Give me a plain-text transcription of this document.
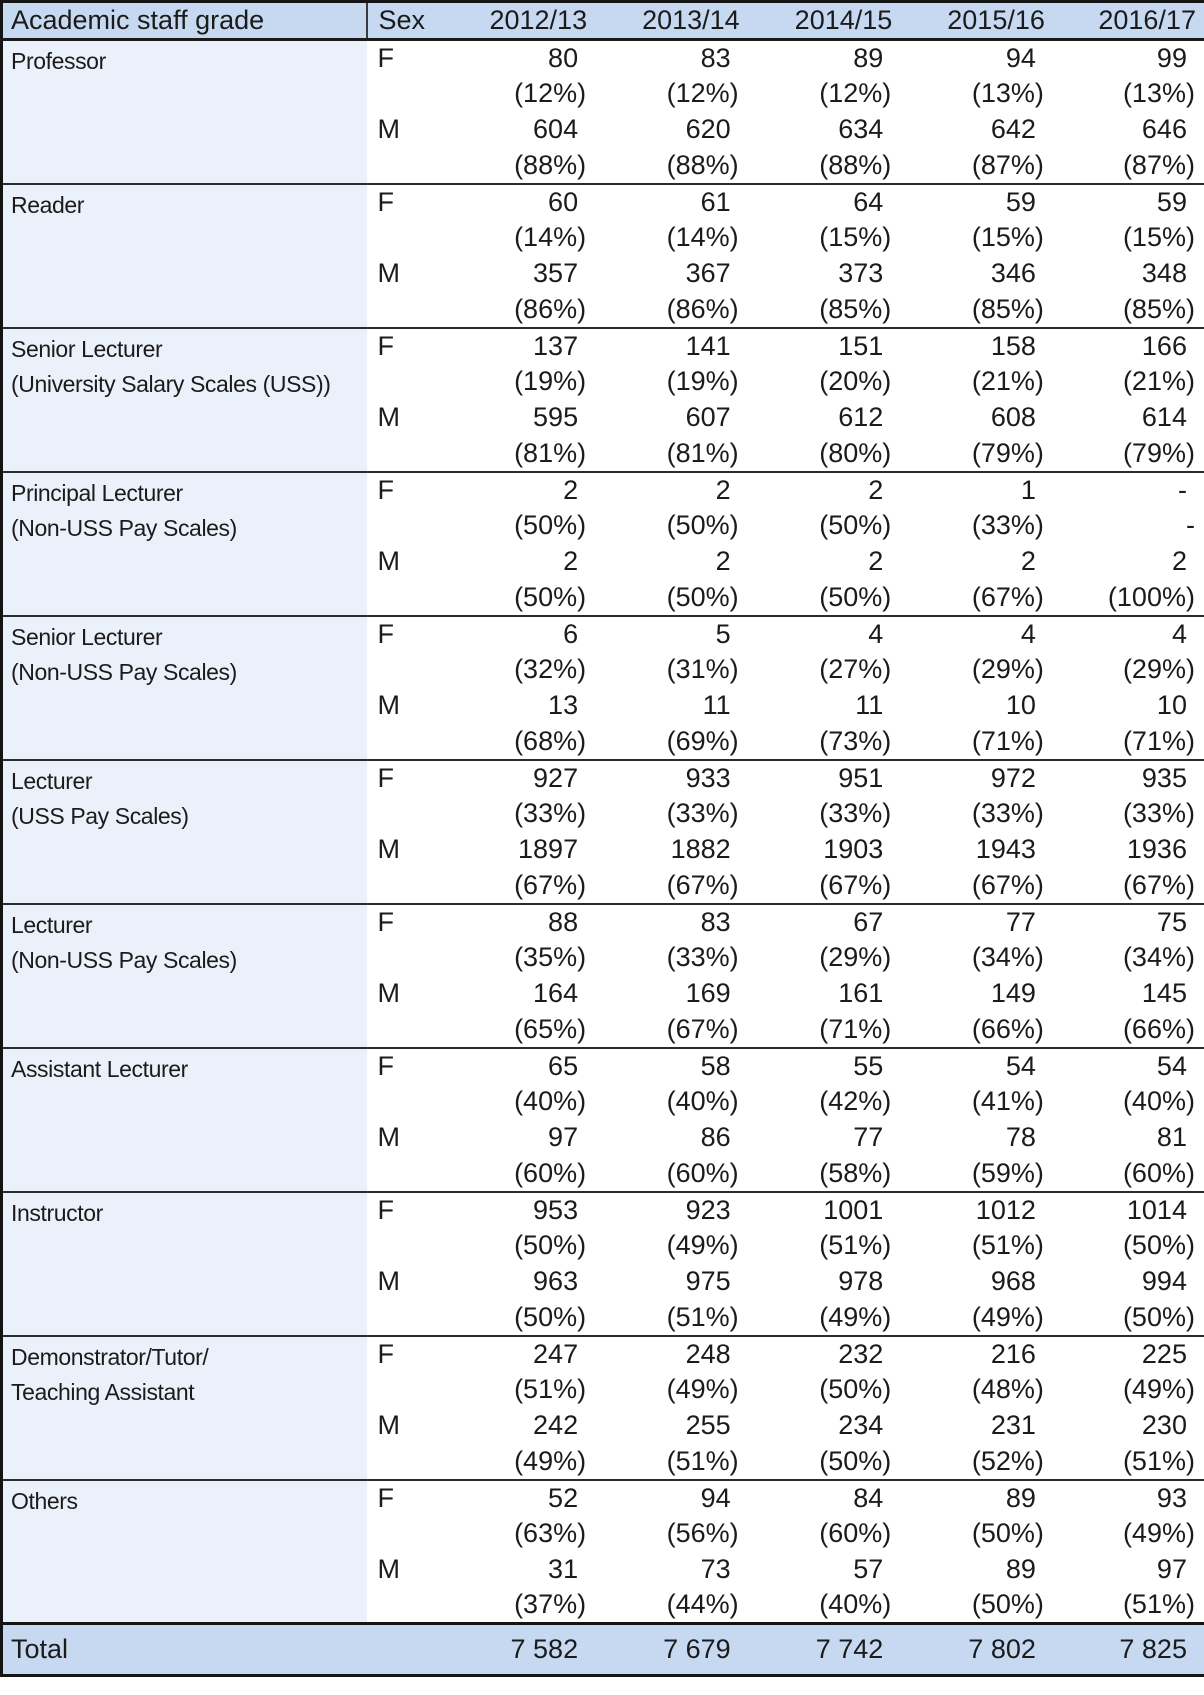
Academic staff grade	Sex	2012/13	2013/14	2014/15	2015/16	2016/17

Professor	F	80	83	89	94	99
		(12%)	(12%)	(12%)	(13%)	(13%)
	M	604	620	634	642	646
		(88%)	(88%)	(88%)	(87%)	(87%)

Reader	F	60	61	64	59	59
		(14%)	(14%)	(15%)	(15%)	(15%)
	M	357	367	373	346	348
		(86%)	(86%)	(85%)	(85%)	(85%)

Senior Lecturer
(University Salary Scales (USS))	F	137	141	151	158	166
		(19%)	(19%)	(20%)	(21%)	(21%)
	M	595	607	612	608	614
		(81%)	(81%)	(80%)	(79%)	(79%)

Principal Lecturer
(Non-USS Pay Scales)	F	2	2	2	1	-
		(50%)	(50%)	(50%)	(33%)	-
	M	2	2	2	2	2
		(50%)	(50%)	(50%)	(67%)	(100%)

Senior Lecturer
(Non-USS Pay Scales)	F	6	5	4	4	4
		(32%)	(31%)	(27%)	(29%)	(29%)
	M	13	11	11	10	10
		(68%)	(69%)	(73%)	(71%)	(71%)

Lecturer
(USS Pay Scales)	F	927	933	951	972	935
		(33%)	(33%)	(33%)	(33%)	(33%)
	M	1897	1882	1903	1943	1936
		(67%)	(67%)	(67%)	(67%)	(67%)

Lecturer
(Non-USS Pay Scales)	F	88	83	67	77	75
		(35%)	(33%)	(29%)	(34%)	(34%)
	M	164	169	161	149	145
		(65%)	(67%)	(71%)	(66%)	(66%)

Assistant Lecturer	F	65	58	55	54	54
		(40%)	(40%)	(42%)	(41%)	(40%)
	M	97	86	77	78	81
		(60%)	(60%)	(58%)	(59%)	(60%)

Instructor	F	953	923	1001	1012	1014
		(50%)	(49%)	(51%)	(51%)	(50%)
	M	963	975	978	968	994
		(50%)	(51%)	(49%)	(49%)	(50%)

Demonstrator/Tutor/
Teaching Assistant	F	247	248	232	216	225
		(51%)	(49%)	(50%)	(48%)	(49%)
	M	242	255	234	231	230
		(49%)	(51%)	(50%)	(52%)	(51%)

Others	F	52	94	84	89	93
		(63%)	(56%)	(60%)	(50%)	(49%)
	M	31	73	57	89	97
		(37%)	(44%)	(40%)	(50%)	(51%)
Total		7 582	7 679	7 742	7 802	7 825
